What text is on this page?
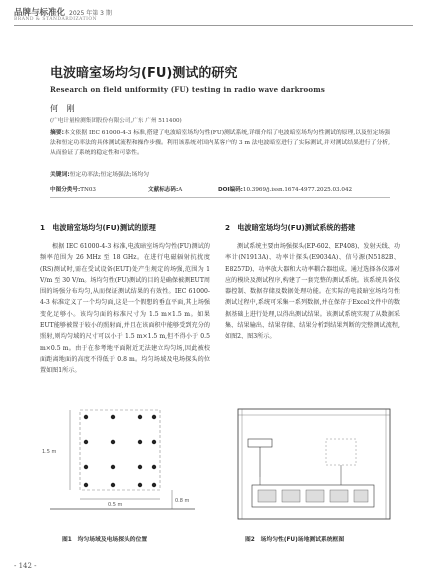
品牌与标准化 2025 年第 3 期
BRAND & STANDARDIZATION
电波暗室场均匀(FU)测试的研究
Research on field uniformity (FU) testing in radio wave darkrooms
何 刚
(广电计量检测集团股份有限公司,广东 广州 511400)
摘要:本文依据 IEC 61000-4-3 标准,搭建了电波暗室场均匀性(FU)测试系统,详细介绍了电波暗室场均匀性测试的原理,以及恒定场强法和恒定功率法的具体测试流程和操作步骤。利用该系统对国内某客户的 3 m 法电波暗室进行了实际测试,并对测试结果进行了分析,从而验证了系统的稳定性和可靠性。
关键词:恒定功率法;恒定场强法;场均匀
中图分类号:TN03	文献标志码:A	DOI编码:10.3969/j.issn.1674-4977.2025.03.042
1　电波暗室场均匀(FU)测试的原理
根据 IEC 61000-4-3 标准,电波暗室场均匀性(FU)测试的频率范围为 26 MHz 至 18 GHz。在进行电磁辐射抗扰度(RS)测试时,需在受试设备(EUT)处产生规定的场强,范围为 1 V/m 至 30 V/m。场均匀性(FU)测试的目的是确保被测EUT周围的场强分布均匀,从而保证测试结果的有效性。IEC 61000-4-3 标准定义了一个均匀面,这是一个假想的垂直平面,其上场强变化足够小。该均匀面的标准尺寸为 1.5 m×1.5 m。如果EUT能够被置于较小的照射面,并且在该面积中能够受到充分的照射,则均匀域的尺寸可以小于 1.5 m×1.5 m,但不得小于 0.5 m×0.5 m。由于在参考地平面附近无法建立均匀场,因此被校面距离地面的高度不得低于 0.8 m。均匀场域及电场探头的位置如图1所示。
1.5 m
0.5 m
0.8 m
图1　均匀场域及电场探头的位置
2　电波暗室场均匀(FU)测试系统的搭建
测试系统主要由场强探头(EP-602、EP408)、发射天线、功率计(N1913A)、功率计探头(E9034A)、信号源(N5182B、E8257D)、功率放大器和大功率耦合器组成。通过选择各仪器对应的模块及测试程序,构建了一套完整的测试系统。该系统具备仪器控制、数据存储及数据处理功能。在实际的电波暗室场均匀性测试过程中,系统可采集一系列数据,并在保存于Excel文件中的数据基础上进行处理,以得出测试结果。该测试系统实现了从数据采集、结果输出、结果存储、结果分析到结果判断的完整测试流程,如图2、图3所示。
图2　场均匀性(FU)场地测试系统框图
- 142 -
